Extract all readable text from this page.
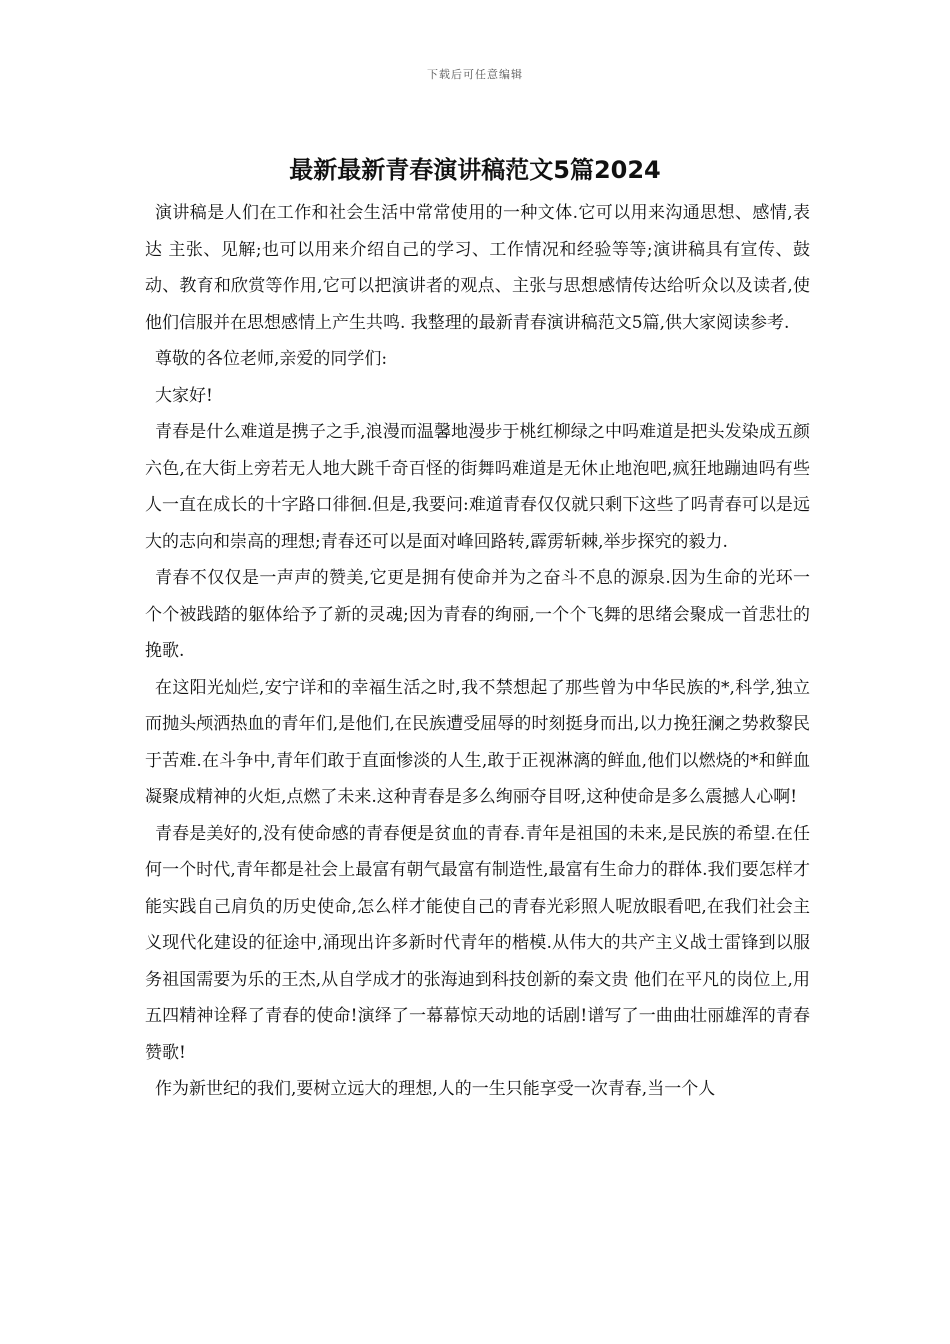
下载后可任意编辑
最新最新青春演讲稿范文5篇2024

演讲稿是人们在工作和社会生活中常常使用的一种文体.它可以用来沟通思想、感情,表达 主张、见解;也可以用来介绍自己的学习、工作情况和经验等等;演讲稿具有宣传、鼓动、教育和欣赏等作用,它可以把演讲者的观点、主张与思想感情传达给听众以及读者,使他们信服并在思想感情上产生共鸣. 我整理的最新青春演讲稿范文5篇,供大家阅读参考.

尊敬的各位老师,亲爱的同学们:

大家好!

青春是什么难道是携子之手,浪漫而温馨地漫步于桃红柳绿之中吗难道是把头发染成五颜六色,在大街上旁若无人地大跳千奇百怪的街舞吗难道是无休止地泡吧,疯狂地蹦迪吗有些人一直在成长的十字路口徘徊.但是,我要问:难道青春仅仅就只剩下这些了吗青春可以是远大的志向和崇高的理想;青春还可以是面对峰回路转,霹雳斩棘,举步探究的毅力.

青春不仅仅是一声声的赞美,它更是拥有使命并为之奋斗不息的源泉.因为生命的光环一个个被践踏的躯体给予了新的灵魂;因为青春的绚丽,一个个飞舞的思绪会聚成一首悲壮的挽歌.

在这阳光灿烂,安宁详和的幸福生活之时,我不禁想起了那些曾为中华民族的*,科学,独立而抛头颅洒热血的青年们,是他们,在民族遭受屈辱的时刻挺身而出,以力挽狂澜之势救黎民于苦难.在斗争中,青年们敢于直面惨淡的人生,敢于正视淋漓的鲜血,他们以燃烧的*和鲜血凝聚成精神的火炬,点燃了未来.这种青春是多么绚丽夺目呀,这种使命是多么震撼人心啊!

青春是美好的,没有使命感的青春便是贫血的青春.青年是祖国的未来,是民族的希望.在任何一个时代,青年都是社会上最富有朝气最富有制造性,最富有生命力的群体.我们要怎样才能实践自己肩负的历史使命,怎么样才能使自己的青春光彩照人呢放眼看吧,在我们社会主义现代化建设的征途中,涌现出许多新时代青年的楷模.从伟大的共产主义战士雷锋到以服务祖国需要为乐的王杰,从自学成才的张海迪到科技创新的秦文贵 他们在平凡的岗位上,用五四精神诠释了青春的使命!演绎了一幕幕惊天动地的话剧!谱写了一曲曲壮丽雄浑的青春赞歌!

作为新世纪的我们,要树立远大的理想,人的一生只能享受一次青春,当一个人
